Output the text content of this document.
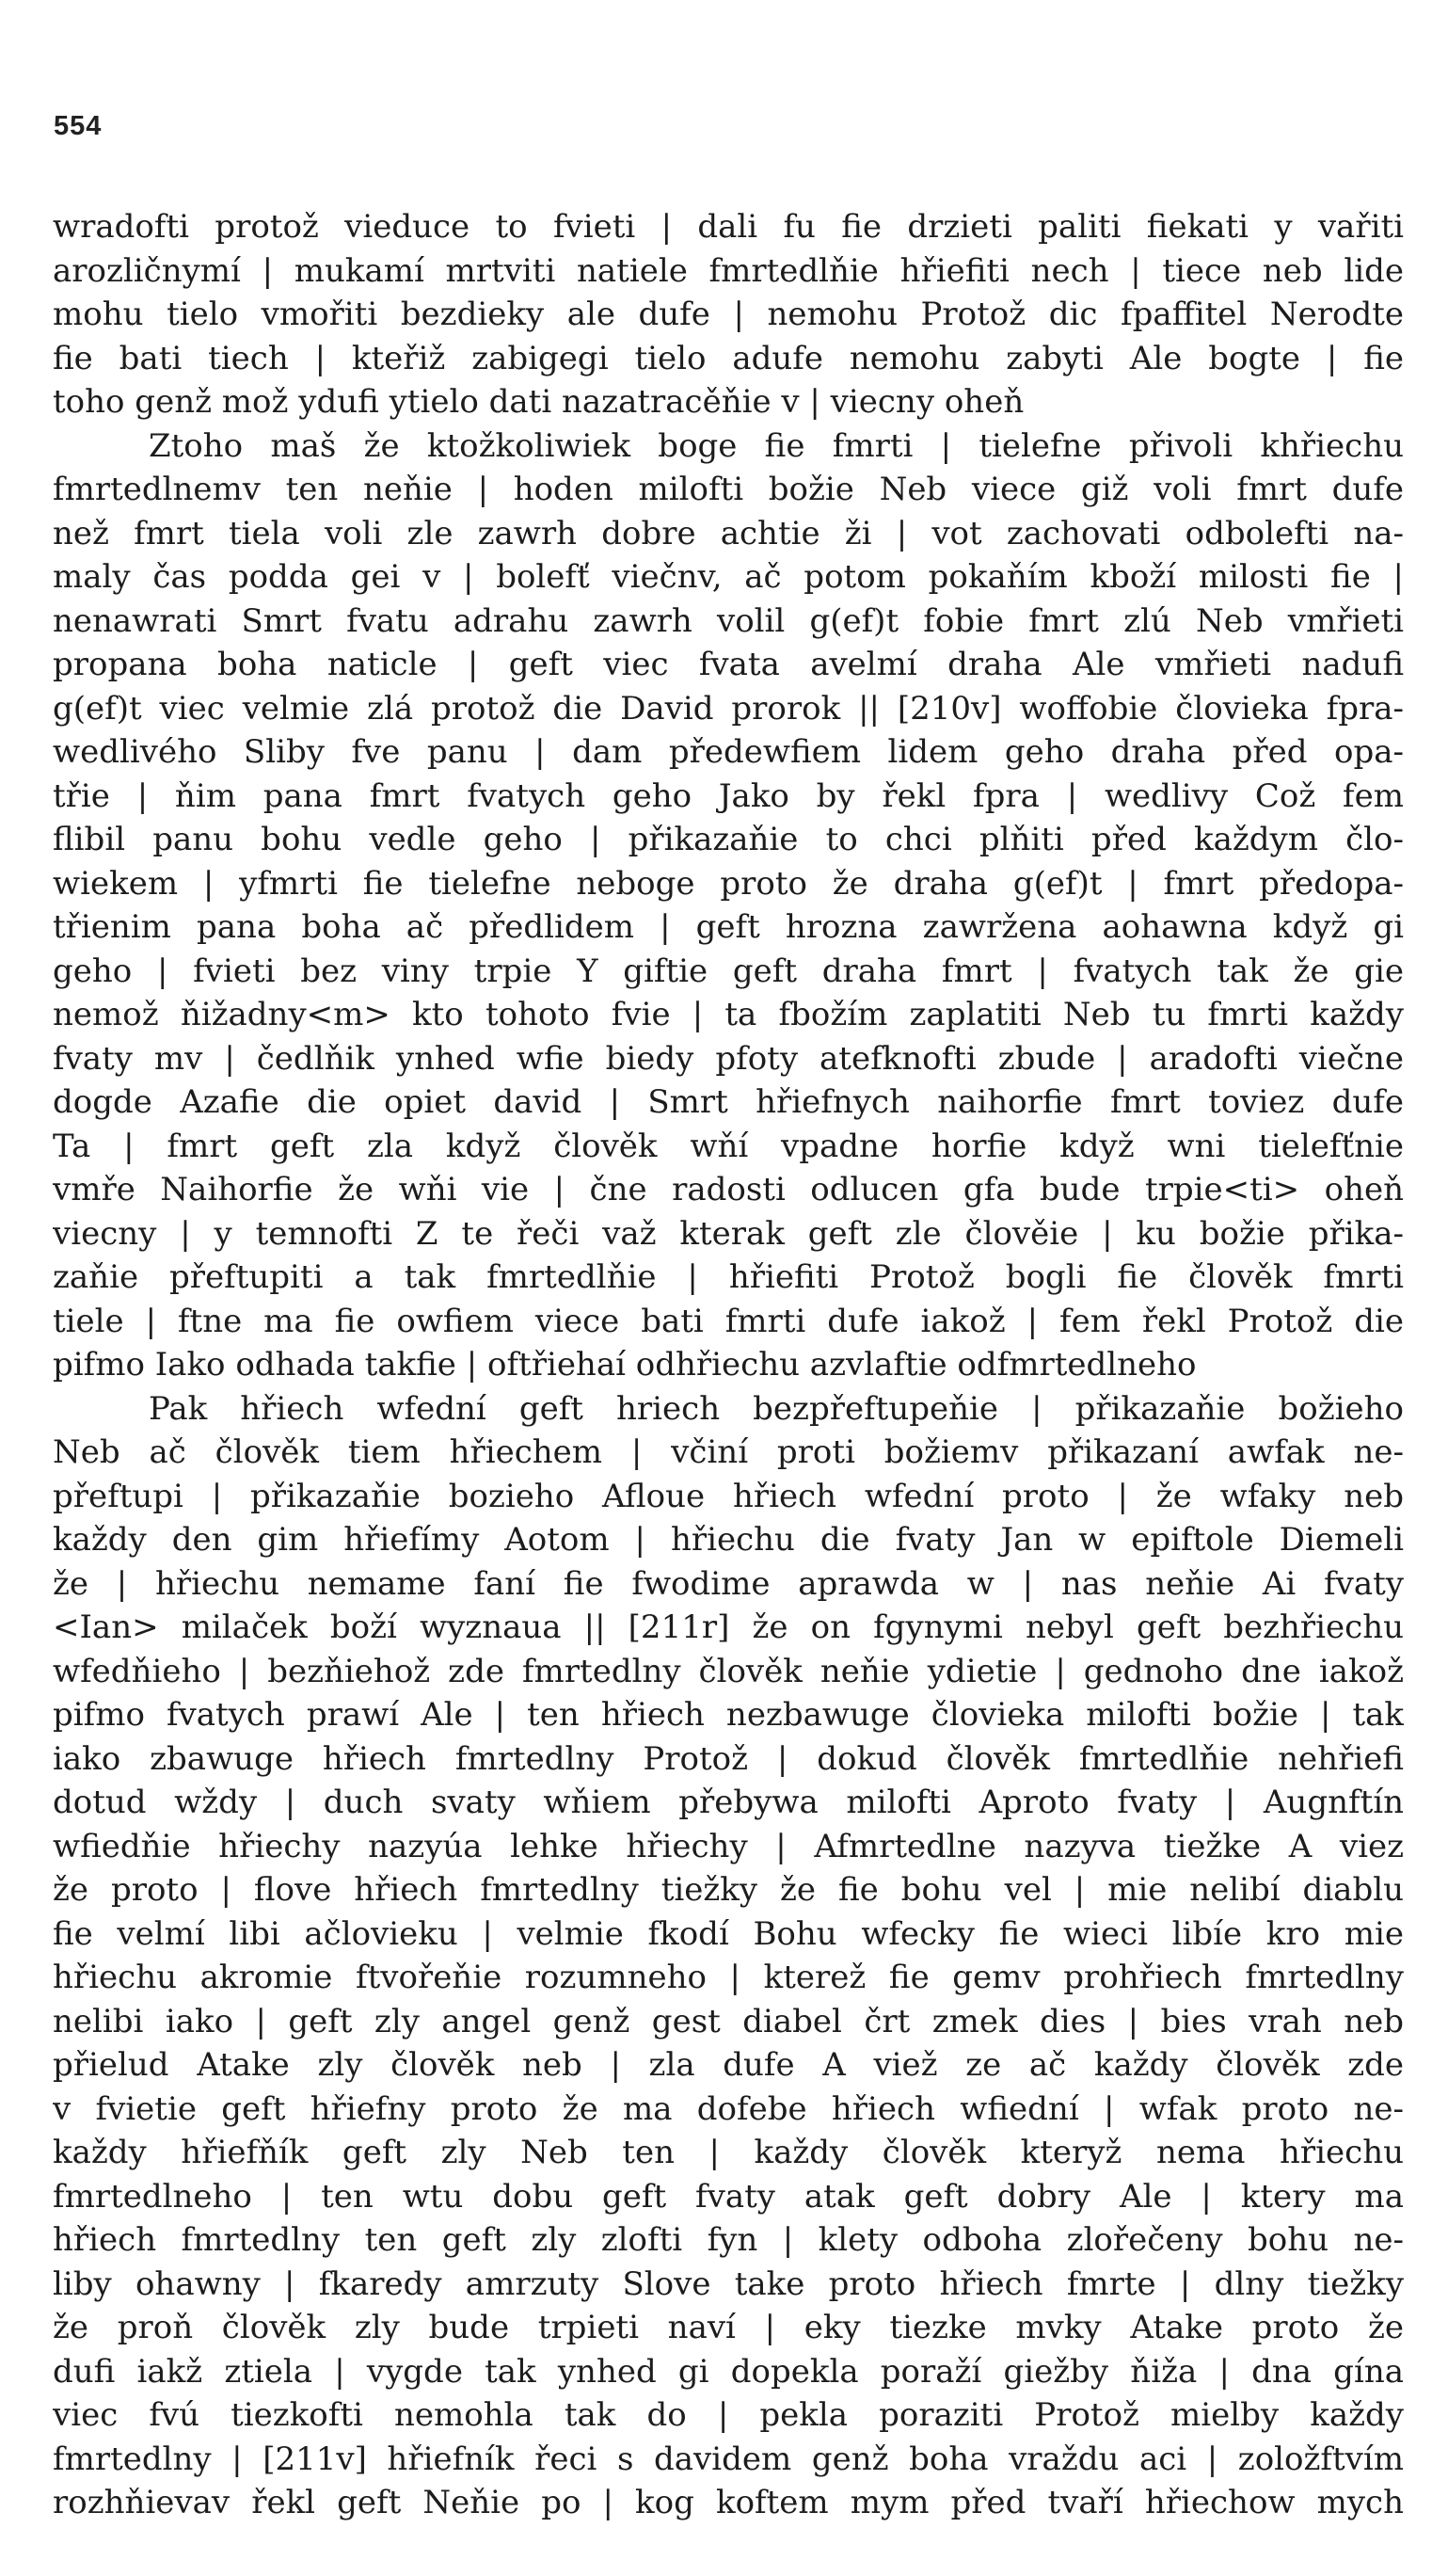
554
wradofti protož vieduce to fvieti | dali fu fie drzieti paliti fiekati y vařiti
arozličnymí | mukamí mrtviti natiele fmrtedlňie hřiefiti nech | tiece neb lide
mohu tielo vmořiti bezdieky ale dufe | nemohu Protož dic fpaffitel Nerodte
fie bati tiech | kteřiž zabigegi tielo adufe nemohu zabyti Ale bogte | fie
toho genž mož ydufi ytielo dati nazatracěňie v | viecny oheň
Ztoho maš že ktožkoliwiek boge fie fmrti | tielefne přivoli khřiechu
fmrtedlnemv ten neňie | hoden milofti božie Neb viece giž voli fmrt dufe
než fmrt tiela voli zle zawrh dobre achtie ži | vot zachovati odbolefti na-
maly čas podda gei v | bolefť viečnv, ač potom pokaňím kboží milosti fie |
nenawrati Smrt fvatu adrahu zawrh volil g(ef)t fobie fmrt zlú Neb vmřieti
propana boha naticle | geft viec fvata avelmí draha Ale vmřieti nadufi
g(ef)t viec velmie zlá protož die David prorok || [210v] woffobie človieka fpra-
wedlivého Sliby fve panu | dam předewfiem lidem geho draha před opa-
třie | ňim pana fmrt fvatych geho Jako by řekl fpra | wedlivy Což fem
flibil panu bohu vedle geho | přikazaňie to chci plňiti před každym člo-
wiekem | yfmrti fie tielefne neboge proto že draha g(ef)t | fmrt předopa-
třienim pana boha ač předlidem | geft hrozna zawržena aohawna když gi
geho | fvieti bez viny trpie Y giftie geft draha fmrt | fvatych tak že gie
nemož ňižadny<m> kto tohoto fvie | ta fbožím zaplatiti Neb tu fmrti každy
fvaty mv | čedlňik ynhed wfie biedy pfoty atefknofti zbude | aradofti viečne
dogde Azafie die opiet david | Smrt hřiefnych naihorfie fmrt toviez dufe
Ta | fmrt geft zla když člověk wňí vpadne horfie když wni tielefťnie
vmře Naihorfie že wňi vie | čne radosti odlucen gfa bude trpie<ti> oheň
viecny | y temnofti Z te řeči važ kterak geft zle člověie | ku božie přika-
zaňie přeftupiti a tak fmrtedlňie | hřiefiti Protož bogli fie člověk fmrti
tiele | ftne ma fie owfiem viece bati fmrti dufe iakož | fem řekl Protož die
pifmo Iako odhada takfie | oftřiehaí odhřiechu azvlaftie odfmrtedlneho
Pak hřiech wfední geft hriech bezpřeftupeňie | přikazaňie božieho
Neb ač člověk tiem hřiechem | včiní proti božiemv přikazaní awfak ne-
přeftupi | přikazaňie bozieho Afloue hřiech wfední proto | že wfaky neb
každy den gim hřiefímy Aotom | hřiechu die fvaty Jan w epiftole Diemeli
že | hřiechu nemame faní fie fwodime aprawda w | nas neňie Ai fvaty
<Ian> milaček boží wyznaua || [211r] že on fgynymi nebyl geft bezhřiechu
wfedňieho | bezňiehož zde fmrtedlny člověk neňie ydietie | gednoho dne iakož
pifmo fvatych prawí Ale | ten hřiech nezbawuge človieka milofti božie | tak
iako zbawuge hřiech fmrtedlny Protož | dokud člověk fmrtedlňie nehřiefi
dotud wždy | duch svaty wňiem přebywa milofti Aproto fvaty | Augnftín
wfiedňie hřiechy nazyúa lehke hřiechy | Afmrtedlne nazyva tiežke A viez
že proto | flove hřiech fmrtedlny tiežky že fie bohu vel | mie nelibí diablu
fie velmí libi ačlovieku | velmie fkodí Bohu wfecky fie wieci libíe kro mie
hřiechu akromie ftvořeňie rozumneho | kterež fie gemv prohřiech fmrtedlny
nelibi iako | geft zly angel genž gest diabel črt zmek dies | bies vrah neb
přielud Atake zly člověk neb | zla dufe A viež ze ač každy člověk zde
v fvietie geft hřiefny proto že ma dofebe hřiech wfiední | wfak proto ne-
každy hřiefňík geft zly Neb ten | každy člověk kteryž nema hřiechu
fmrtedlneho | ten wtu dobu geft fvaty atak geft dobry Ale | ktery ma
hřiech fmrtedlny ten geft zly zlofti fyn | klety odboha zlořečeny bohu ne-
liby ohawny | fkaredy amrzuty Slove take proto hřiech fmrte | dlny tiežky
že proň člověk zly bude trpieti naví | eky tiezke mvky Atake proto že
dufi iakž ztiela | vygde tak ynhed gi dopekla poraží giežby ňiža | dna gína
viec fvú tiezkofti nemohla tak do | pekla poraziti Protož mielby každy
fmrtedlny | [211v] hřiefník řeci s davidem genž boha vraždu aci | zoložftvím
rozhňievav řekl geft Neňie po | kog koftem mym před tvaří hřiechow mych
